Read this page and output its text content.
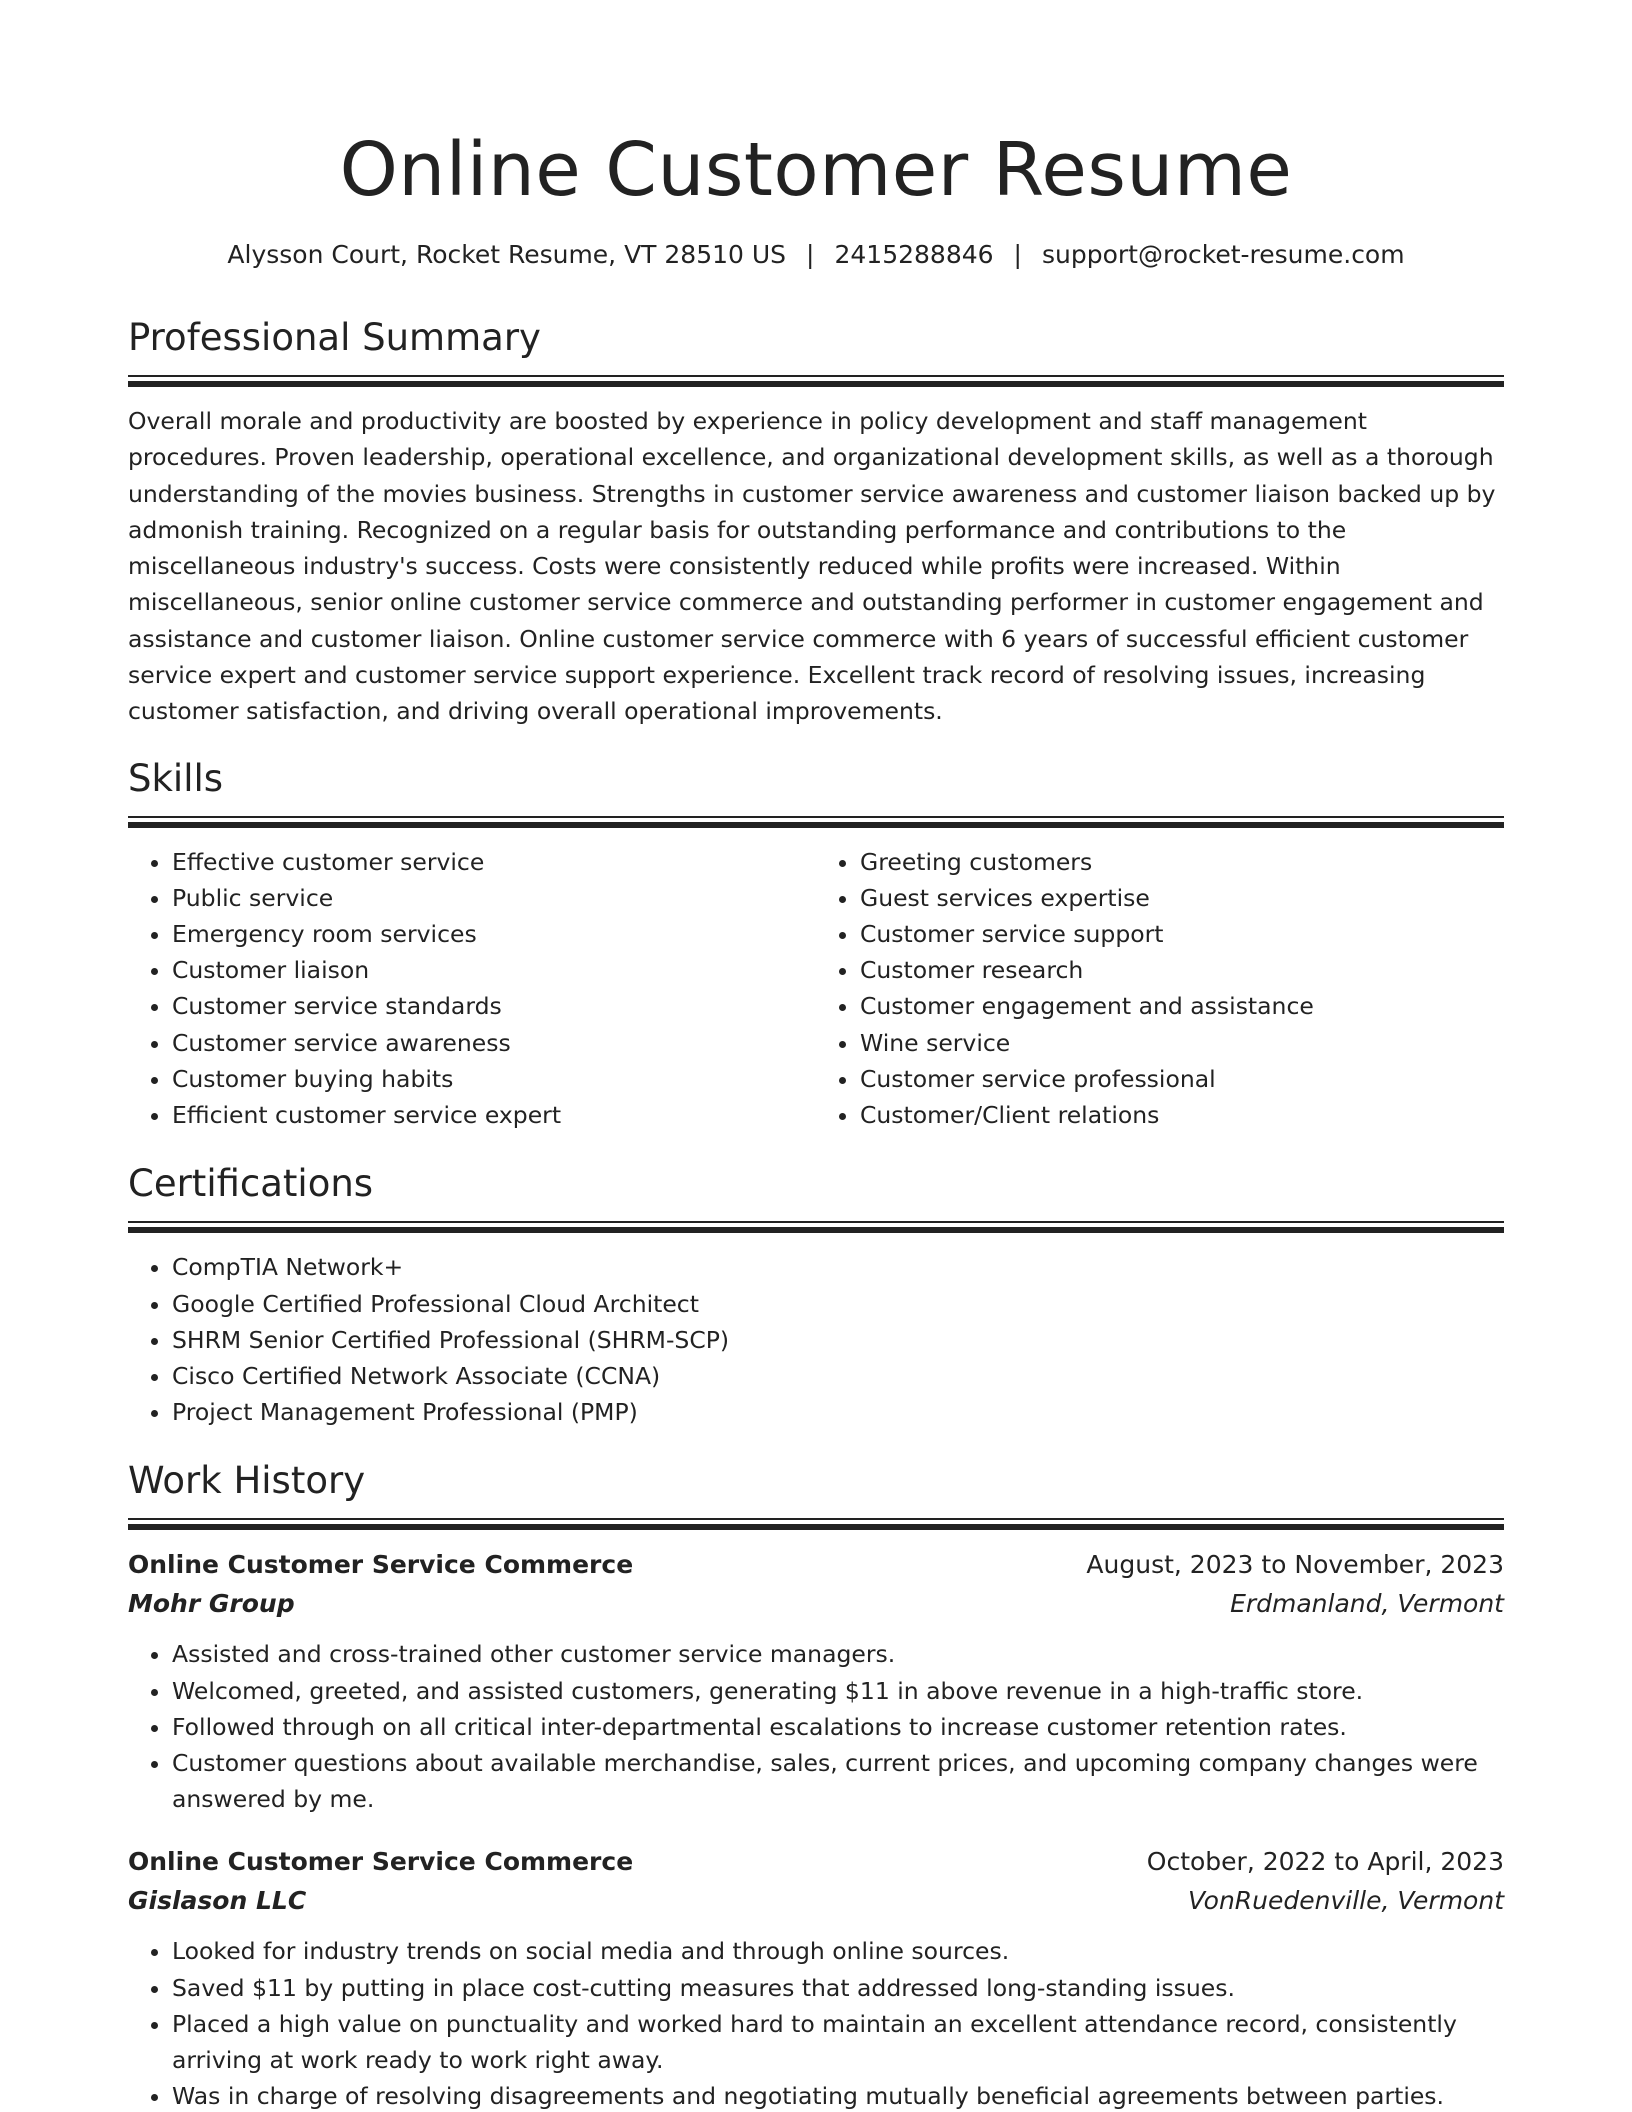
Online Customer Resume
Alysson Court, Rocket Resume, VT 28510 US | 2415288846 | support@rocket-resume.com
Professional Summary

Overall morale and productivity are boosted by experience in policy development and staff management procedures. Proven leadership, operational excellence, and organizational development skills, as well as a thorough understanding of the movies business. Strengths in customer service awareness and customer liaison backed up by admonish training. Recognized on a regular basis for outstanding performance and contributions to the miscellaneous industry's success. Costs were consistently reduced while profits were increased. Within miscellaneous, senior online customer service commerce and outstanding performer in customer engagement and assistance and customer liaison. Online customer service commerce with 6 years of successful efficient customer service expert and customer service support experience. Excellent track record of resolving issues, increasing customer satisfaction, and driving overall operational improvements.

Skills
• Effective customer service
• Public service
• Emergency room services
• Customer liaison
• Customer service standards
• Customer service awareness
• Customer buying habits
• Efficient customer service expert
• Greeting customers
• Guest services expertise
• Customer service support
• Customer research
• Customer engagement and assistance
• Wine service
• Customer service professional
• Customer/Client relations
Certifications
• CompTIA Network+
• Google Certified Professional Cloud Architect
• SHRM Senior Certified Professional (SHRM-SCP)
• Cisco Certified Network Associate (CCNA)
• Project Management Professional (PMP)
Work History
Online Customer Service Commerce	August, 2023 to November, 2023
Mohr Group	Erdmanland, Vermont
• Assisted and cross-trained other customer service managers.
• Welcomed, greeted, and assisted customers, generating $11 in above revenue in a high-traffic store.
• Followed through on all critical inter-departmental escalations to increase customer retention rates.
• Customer questions about available merchandise, sales, current prices, and upcoming company changes were answered by me.
Online Customer Service Commerce	October, 2022 to April, 2023
Gislason LLC	VonRuedenville, Vermont
• Looked for industry trends on social media and through online sources.
• Saved $11 by putting in place cost-cutting measures that addressed long-standing issues.
• Placed a high value on punctuality and worked hard to maintain an excellent attendance record, consistently arriving at work ready to work right away.
• Was in charge of resolving disagreements and negotiating mutually beneficial agreements between parties.
